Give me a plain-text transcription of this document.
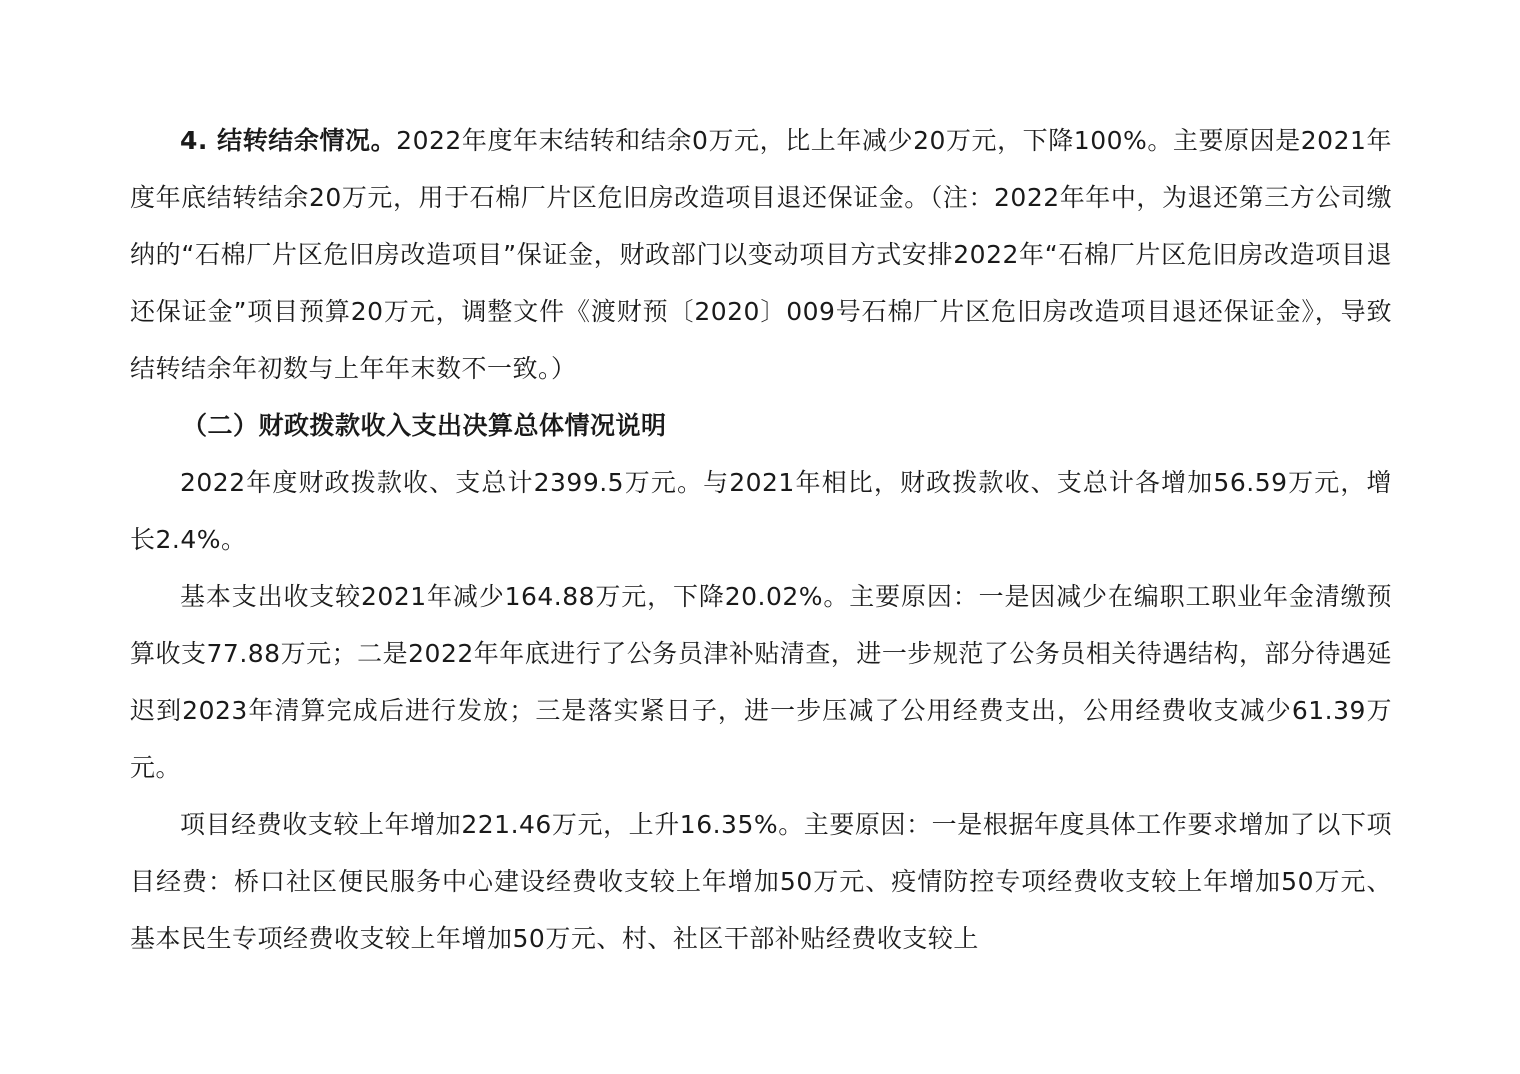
4. 结转结余情况。2022年度年末结转和结余0万元，比上年减少20万元，下降100%。主要原因是2021年度年底结转结余20万元，用于石棉厂片区危旧房改造项目退还保证金。（注：2022年年中，为退还第三方公司缴纳的“石棉厂片区危旧房改造项目”保证金，财政部门以变动项目方式安排2022年“石棉厂片区危旧房改造项目退还保证金”项目预算20万元，调整文件《渡财预〔2020〕009号石棉厂片区危旧房改造项目退还保证金》，导致结转结余年初数与上年年末数不一致。）

（二）财政拨款收入支出决算总体情况说明

2022年度财政拨款收、支总计2399.5万元。与2021年相比，财政拨款收、支总计各增加56.59万元，增长2.4%。

基本支出收支较2021年减少164.88万元，下降20.02%。主要原因：一是因减少在编职工职业年金清缴预算收支77.88万元；二是2022年年底进行了公务员津补贴清查，进一步规范了公务员相关待遇结构，部分待遇延迟到2023年清算完成后进行发放；三是落实紧日子，进一步压减了公用经费支出，公用经费收支减少61.39万元。

项目经费收支较上年增加221.46万元，上升16.35%。主要原因：一是根据年度具体工作要求增加了以下项目经费：桥口社区便民服务中心建设经费收支较上年增加50万元、疫情防控专项经费收支较上年增加50万元、基本民生专项经费收支较上年增加50万元、村、社区干部补贴经费收支较上
